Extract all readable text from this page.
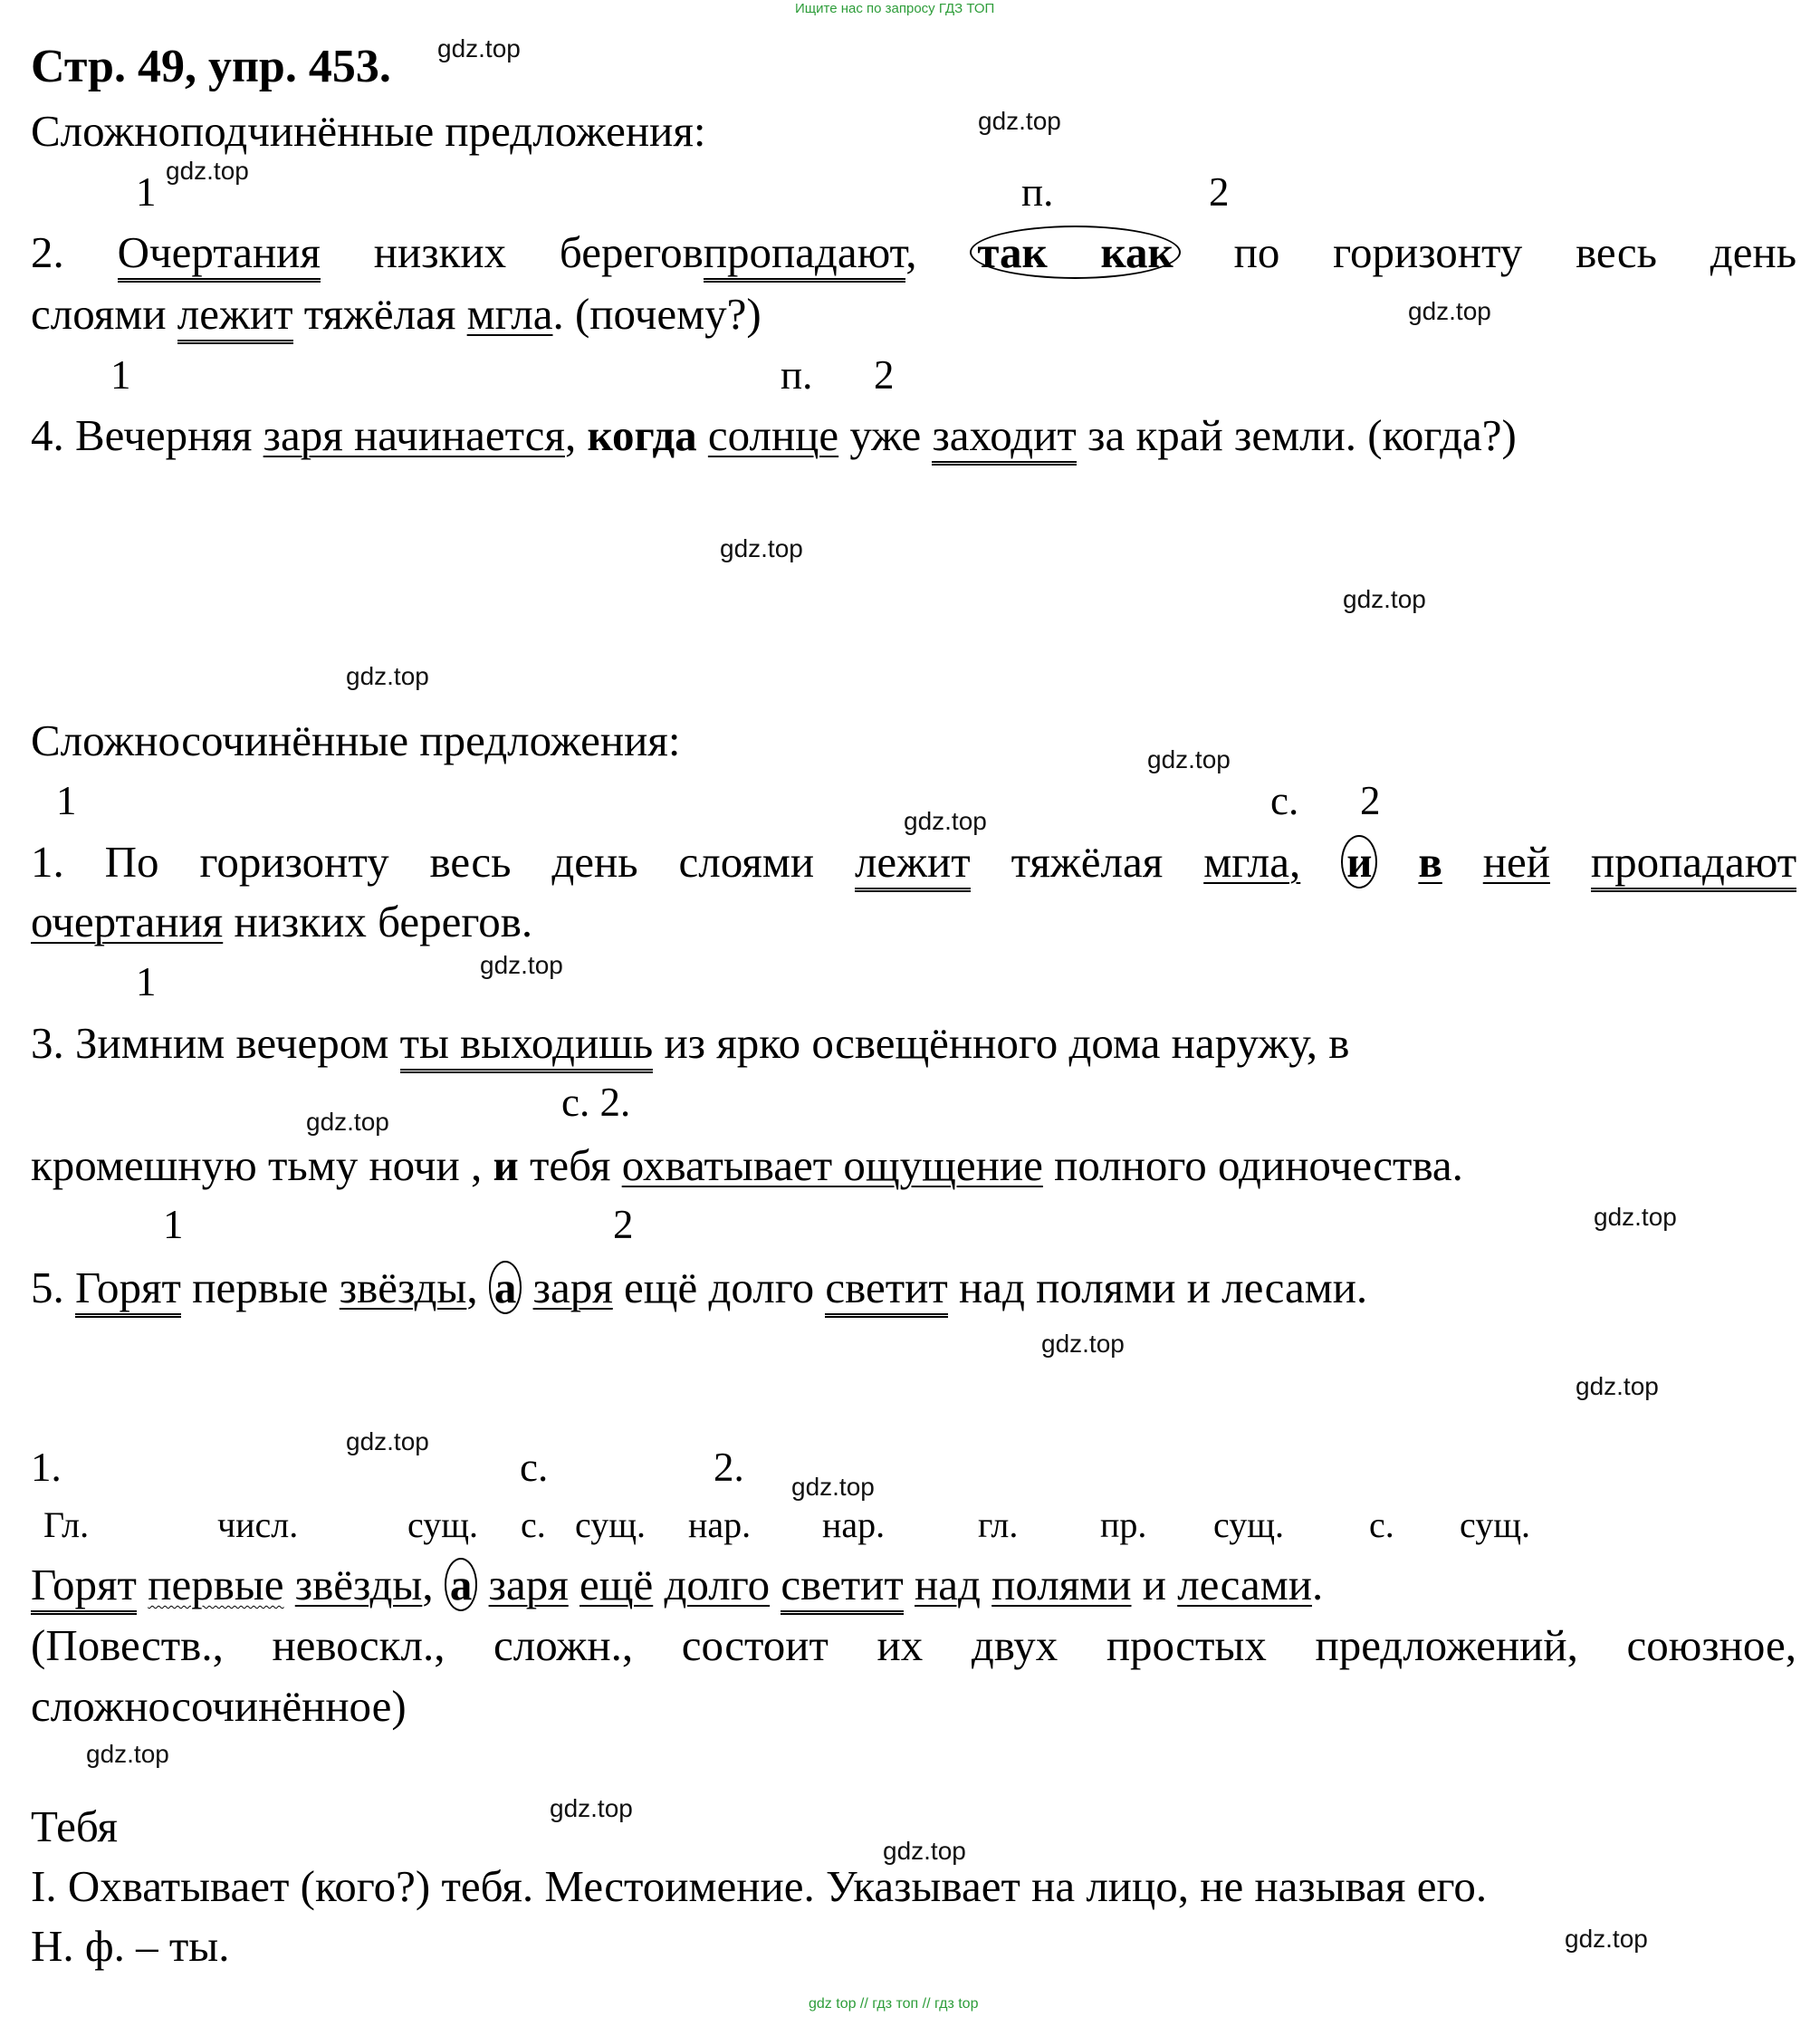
Ищите нас по запросу ГДЗ ТОП
Стр. 49, упр. 453. gdz.top
gdz.top
gdz.top
gdz.top
gdz.top
gdz.top
gdz.top
gdz.top
gdz.top
gdz.top
gdz.top
gdz.top
gdz.top
gdz.top
gdz.top
gdz.top
gdz.top
gdz.top
gdz.top
gdz.top
Сложноподчинённые предложения:
1	п.	2
2. Очертания низких береговпропадают, так как по горизонту весь день
слоями лежит тяжёлая мгла. (почему?)
1	п. 2
4. Вечерняя заря начинается, когда солнце уже заходит за край земли. (когда?)
Сложносочинённые предложения:
1	с. 2
1. По горизонту весь день слоями лежит тяжёлая мгла, и в ней пропадают
очертания низких берегов.
1
3. Зимним вечером ты выходишь из ярко освещённого дома наружу, в
с. 2.
кромешную тьму ночи , и тебя охватывает ощущение полного одиночества.
1	2
5. Горят первые звёзды, а заря ещё долго светит над полями и лесами.
1.	с.	2.
Гл.	числ.	сущ. с. сущ. нар. нар.	гл. пр. сущ. с. сущ.
Горят первые звёзды, а заря ещё долго светит над полями и лесами.
(Повеств., невоскл., сложн., состоит их двух простых предложений, союзное,
сложносочинённое)
Тебя
I. Охватывает (кого?) тебя. Местоимение. Указывает на лицо, не называя его.
Н. ф. – ты.
gdz top // гдз топ // гдз top
